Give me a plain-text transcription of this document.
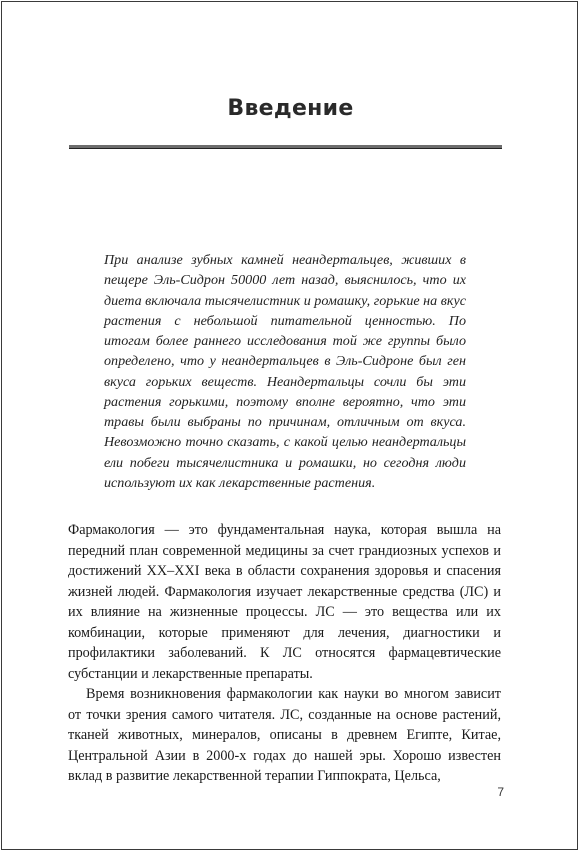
Введение

При анализе зубных камней неандертальцев, живших в пещере Эль-Сидрон 50000 лет назад, выяснилось, что их диета включала тысячелистник и ромашку, горькие на вкус растения с небольшой питательной ценностью. По итогам более раннего исследования той же группы было определено, что у неандертальцев в Эль-Сидроне был ген вкуса горьких веществ. Неандертальцы сочли бы эти растения горькими, поэтому вполне вероятно, что эти травы были выбраны по причинам, отличным от вкуса. Невозможно точно сказать, с какой целью неандертальцы ели побеги тысячелистника и ромашки, но сегодня люди используют их как лекарственные растения.

Фармакология — это фундаментальная наука, которая вышла на передний план современной медицины за счет грандиозных успехов и достижений XX–XXI века в области сохранения здоровья и спасения жизней людей. Фармакология изучает лекарственные средства (ЛС) и их влияние на жизненные процессы. ЛС — это вещества или их комбинации, которые применяют для лечения, диагностики и профилактики заболеваний. К ЛС относятся фармацевтические субстанции и лекарственные препараты.

Время возникновения фармакологии как науки во многом зависит от точки зрения самого читателя. ЛС, созданные на основе растений, тканей животных, минералов, описаны в древнем Египте, Китае, Центральной Азии в 2000-х годах до нашей эры. Хорошо известен вклад в развитие лекарственной терапии Гиппократа, Цельса,

7
